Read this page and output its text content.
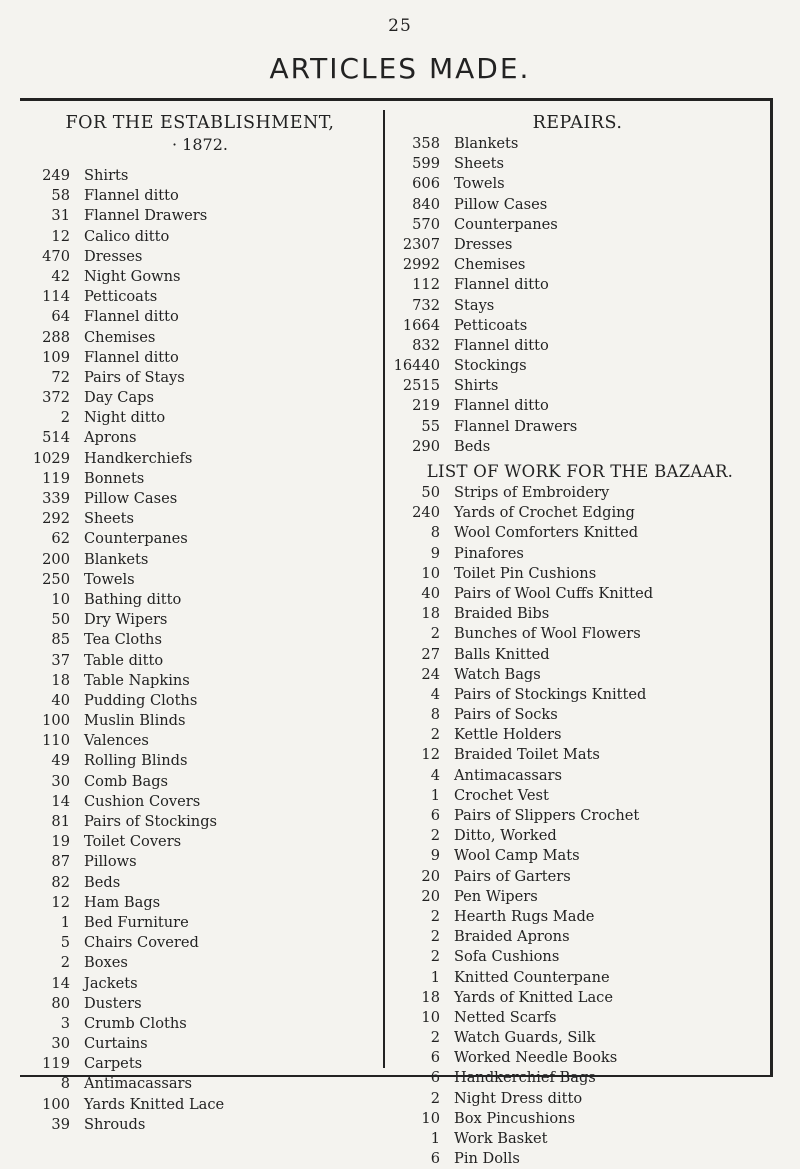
25
ARTICLES MADE.
FOR THE ESTABLISHMENT,
· 1872.
249 Shirts
58 Flannel ditto
31 Flannel Drawers
12 Calico ditto
470 Dresses
42 Night Gowns
114 Petticoats
64 Flannel ditto
288 Chemises
109 Flannel ditto
72 Pairs of Stays
372 Day Caps
2 Night ditto
514 Aprons
1029 Handkerchiefs
119 Bonnets
339 Pillow Cases
292 Sheets
62 Counterpanes
200 Blankets
250 Towels
10 Bathing ditto
50 Dry Wipers
85 Tea Cloths
37 Table ditto
18 Table Napkins
40 Pudding Cloths
100 Muslin Blinds
110 Valences
49 Rolling Blinds
30 Comb Bags
14 Cushion Covers
81 Pairs of Stockings
19 Toilet Covers
87 Pillows
82 Beds
12 Ham Bags
1 Bed Furniture
5 Chairs Covered
2 Boxes
14 Jackets
80 Dusters
3 Crumb Cloths
30 Curtains
119 Carpets
8 Antimacassars
100 Yards Knitted Lace
39 Shrouds
REPAIRS.
358 Blankets
599 Sheets
606 Towels
840 Pillow Cases
570 Counterpanes
2307 Dresses
2992 Chemises
112 Flannel ditto
732 Stays
1664 Petticoats
832 Flannel ditto
16440 Stockings
2515 Shirts
219 Flannel ditto
55 Flannel Drawers
290 Beds
LIST OF WORK FOR THE BAZAAR.
50 Strips of Embroidery
240 Yards of Crochet Edging
8 Wool Comforters Knitted
9 Pinafores
10 Toilet Pin Cushions
40 Pairs of Wool Cuffs Knitted
18 Braided Bibs
2 Bunches of Wool Flowers
27 Balls Knitted
24 Watch Bags
4 Pairs of Stockings Knitted
8 Pairs of Socks
2 Kettle Holders
12 Braided Toilet Mats
4 Antimacassars
1 Crochet Vest
6 Pairs of Slippers Crochet
2 Ditto, Worked
9 Wool Camp Mats
20 Pairs of Garters
20 Pen Wipers
2 Hearth Rugs Made
2 Braided Aprons
2 Sofa Cushions
1 Knitted Counterpane
18 Yards of Knitted Lace
10 Netted Scarfs
2 Watch Guards, Silk
6 Worked Needle Books
6 Handkerchief Bags
2 Night Dress ditto
10 Box Pincushions
1 Work Basket
6 Pin Dolls
